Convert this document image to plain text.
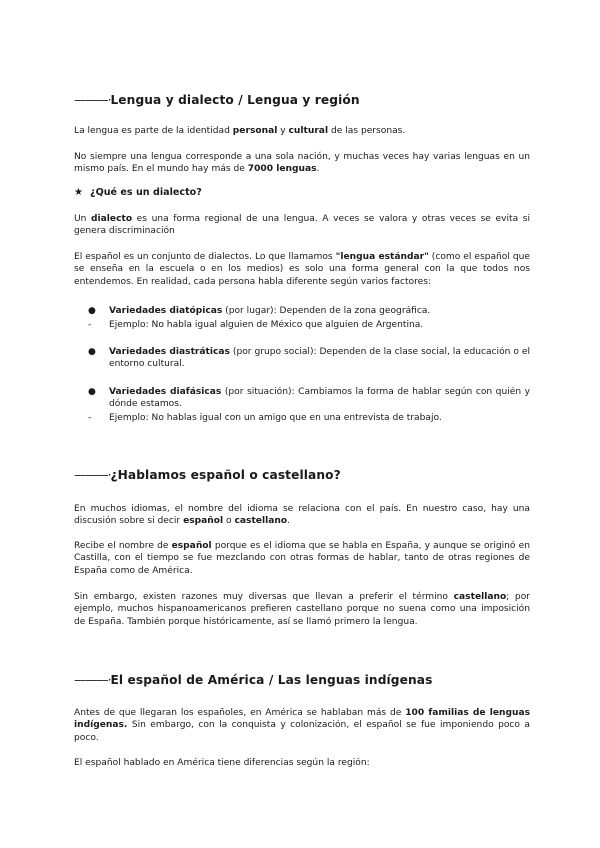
———·Lengua y dialecto / Lengua y región
La lengua es parte de la identidad personal y cultural de las personas.
No siempre una lengua corresponde a una sola nación, y muchas veces hay varias lenguas en un mismo país. En el mundo hay más de 7000 lenguas.
★ ¿Qué es un dialecto?
Un dialecto es una forma regional de una lengua. A veces se valora y otras veces se evita si genera discriminación
El español es un conjunto de dialectos. Lo que llamamos "lengua estándar" (como el español que se enseña en la escuela o en los medios) es solo una forma general con la que todos nos entendemos. En realidad, cada persona habla diferente según varios factores:
●	Variedades diatópicas (por lugar): Dependen de la zona geográfica.
-	Ejemplo: No habla igual alguien de México que alguien de Argentina.
●	Variedades diastráticas (por grupo social): Dependen de la clase social, la educación o el entorno cultural.
●	Variedades diafásicas (por situación): Cambiamos la forma de hablar según con quién y dónde estamos.
-	Ejemplo: No hablas igual con un amigo que en una entrevista de trabajo.
———·¿Hablamos español o castellano?
En muchos idiomas, el nombre del idioma se relaciona con el país. En nuestro caso, hay una discusión sobre si decir español o castellano.
Recibe el nombre de español porque es el idioma que se habla en España, y aunque se originó en Castilla, con el tiempo se fue mezclando con otras formas de hablar, tanto de otras regiones de España como de América.
Sin embargo, existen razones muy diversas que llevan a preferir el término castellano; por ejemplo, muchos hispanoamericanos prefieren castellano porque no suena como una imposición de España. También porque históricamente, así se llamó primero la lengua.
———·El español de América / Las lenguas indígenas
Antes de que llegaran los españoles, en América se hablaban más de 100 familias de lenguas indígenas. Sin embargo, con la conquista y colonización, el español se fue imponiendo poco a poco.
El español hablado en América tiene diferencias según la región:
